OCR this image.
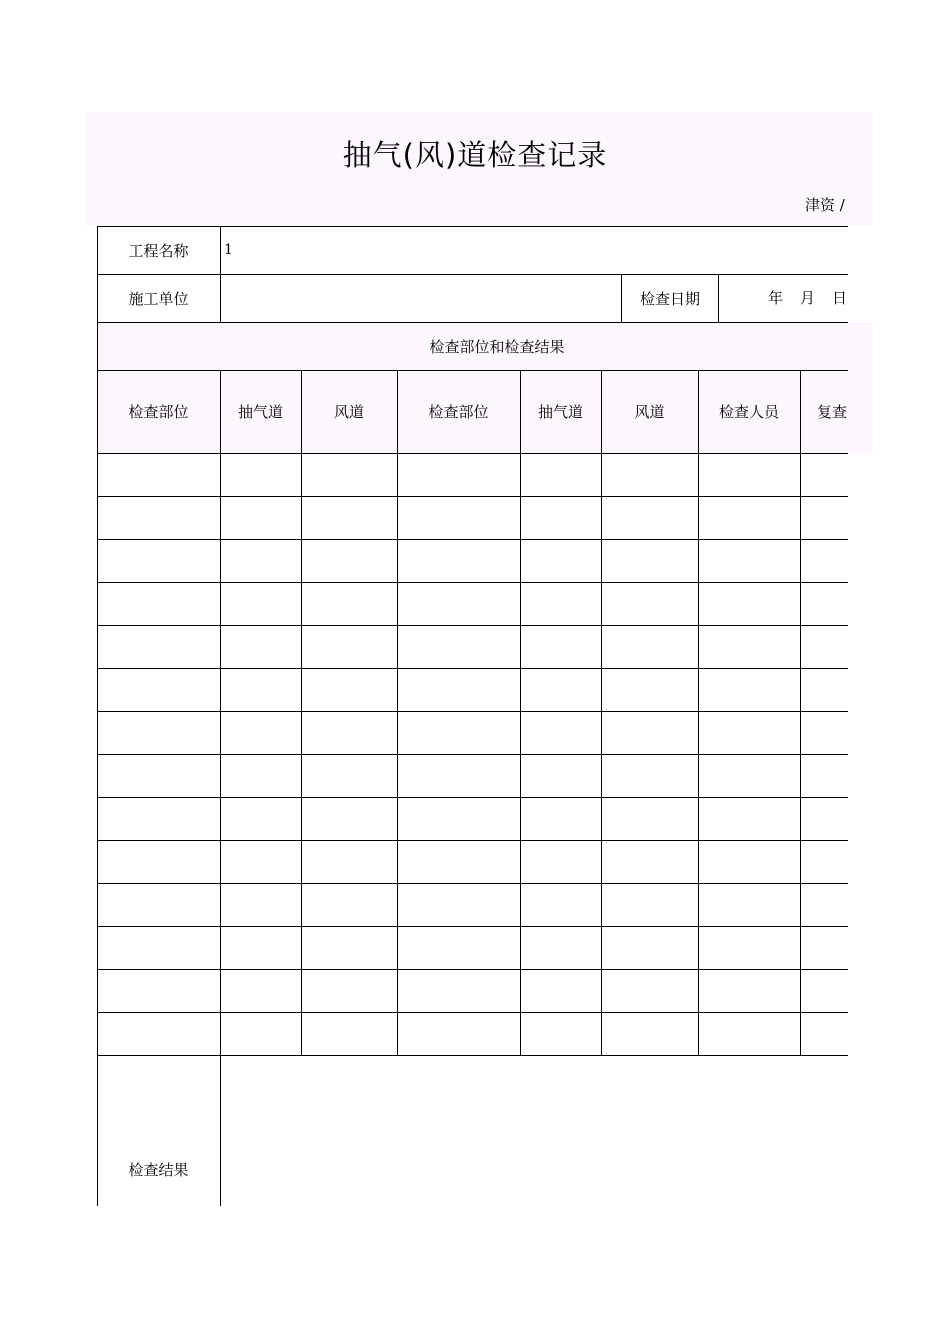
抽气(风)道检查记录
津资 /
工程名称	1
施工单位	检查日期	年 月 日
检查部位和检查结果
检查部位	抽气道	风道	检查部位	抽气道	风道	检查人员	复查
检查结果
